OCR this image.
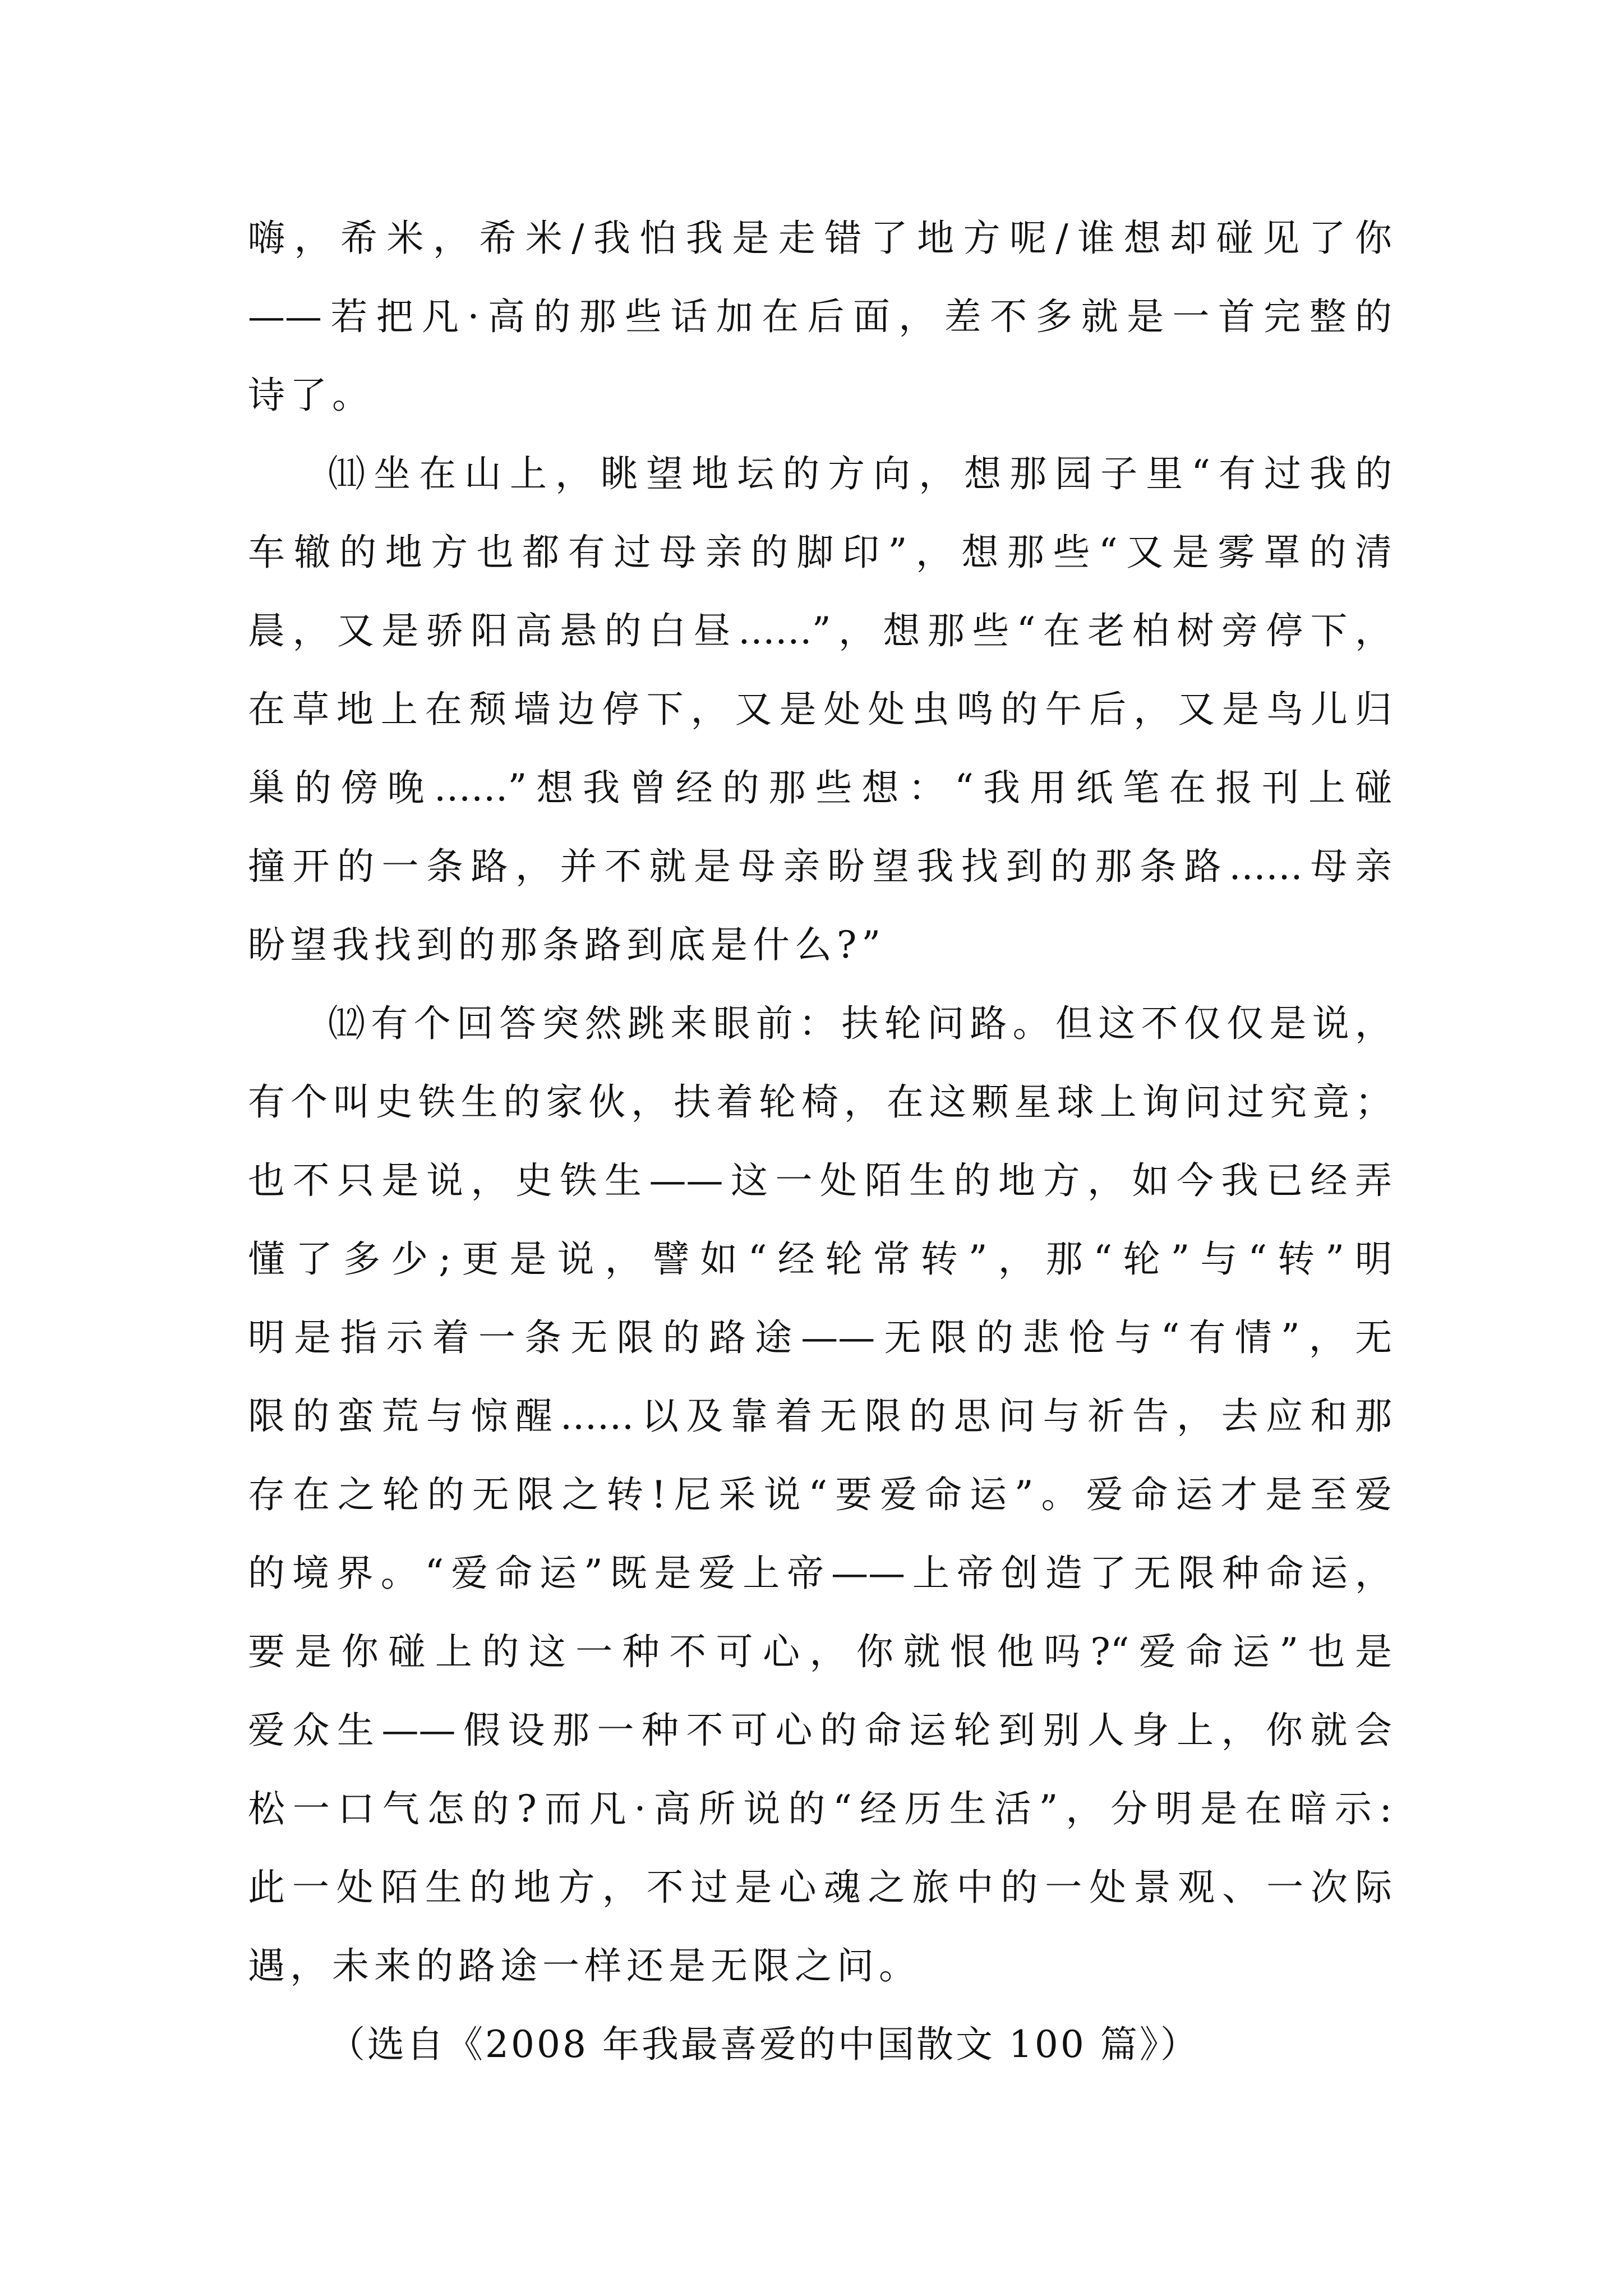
嗨，希米，希米/我怕我是走错了地方呢/谁想却碰见了你
——若把凡·高的那些话加在后面，差不多就是一首完整的
诗了。
⑾坐在山上，眺望地坛的方向，想那园子里“有过我的
车辙的地方也都有过母亲的脚印”，想那些“又是雾罩的清
晨，又是骄阳高悬的白昼……”，想那些“在老柏树旁停下，
在草地上在颓墙边停下，又是处处虫鸣的午后，又是鸟儿归
巢的傍晚……”想我曾经的那些想：“我用纸笔在报刊上碰
撞开的一条路，并不就是母亲盼望我找到的那条路……母亲
盼望我找到的那条路到底是什么?”
⑿有个回答突然跳来眼前：扶轮问路。但这不仅仅是说，
有个叫史铁生的家伙，扶着轮椅，在这颗星球上询问过究竟；
也不只是说，史铁生——这一处陌生的地方，如今我已经弄
懂了多少;更是说，譬如“经轮常转”，那“轮”与“转”明
明是指示着一条无限的路途——无限的悲怆与“有情”，无
限的蛮荒与惊醒……以及靠着无限的思问与祈告，去应和那
存在之轮的无限之转!尼采说“要爱命运”。爱命运才是至爱
的境界。“爱命运”既是爱上帝——上帝创造了无限种命运，
要是你碰上的这一种不可心，你就恨他吗?“爱命运”也是
爱众生——假设那一种不可心的命运轮到别人身上，你就会
松一口气怎的?而凡·高所说的“经历生活”，分明是在暗示:
此一处陌生的地方，不过是心魂之旅中的一处景观、一次际
遇，未来的路途一样还是无限之问。
（选自《2008 年我最喜爱的中国散文 100 篇》）
